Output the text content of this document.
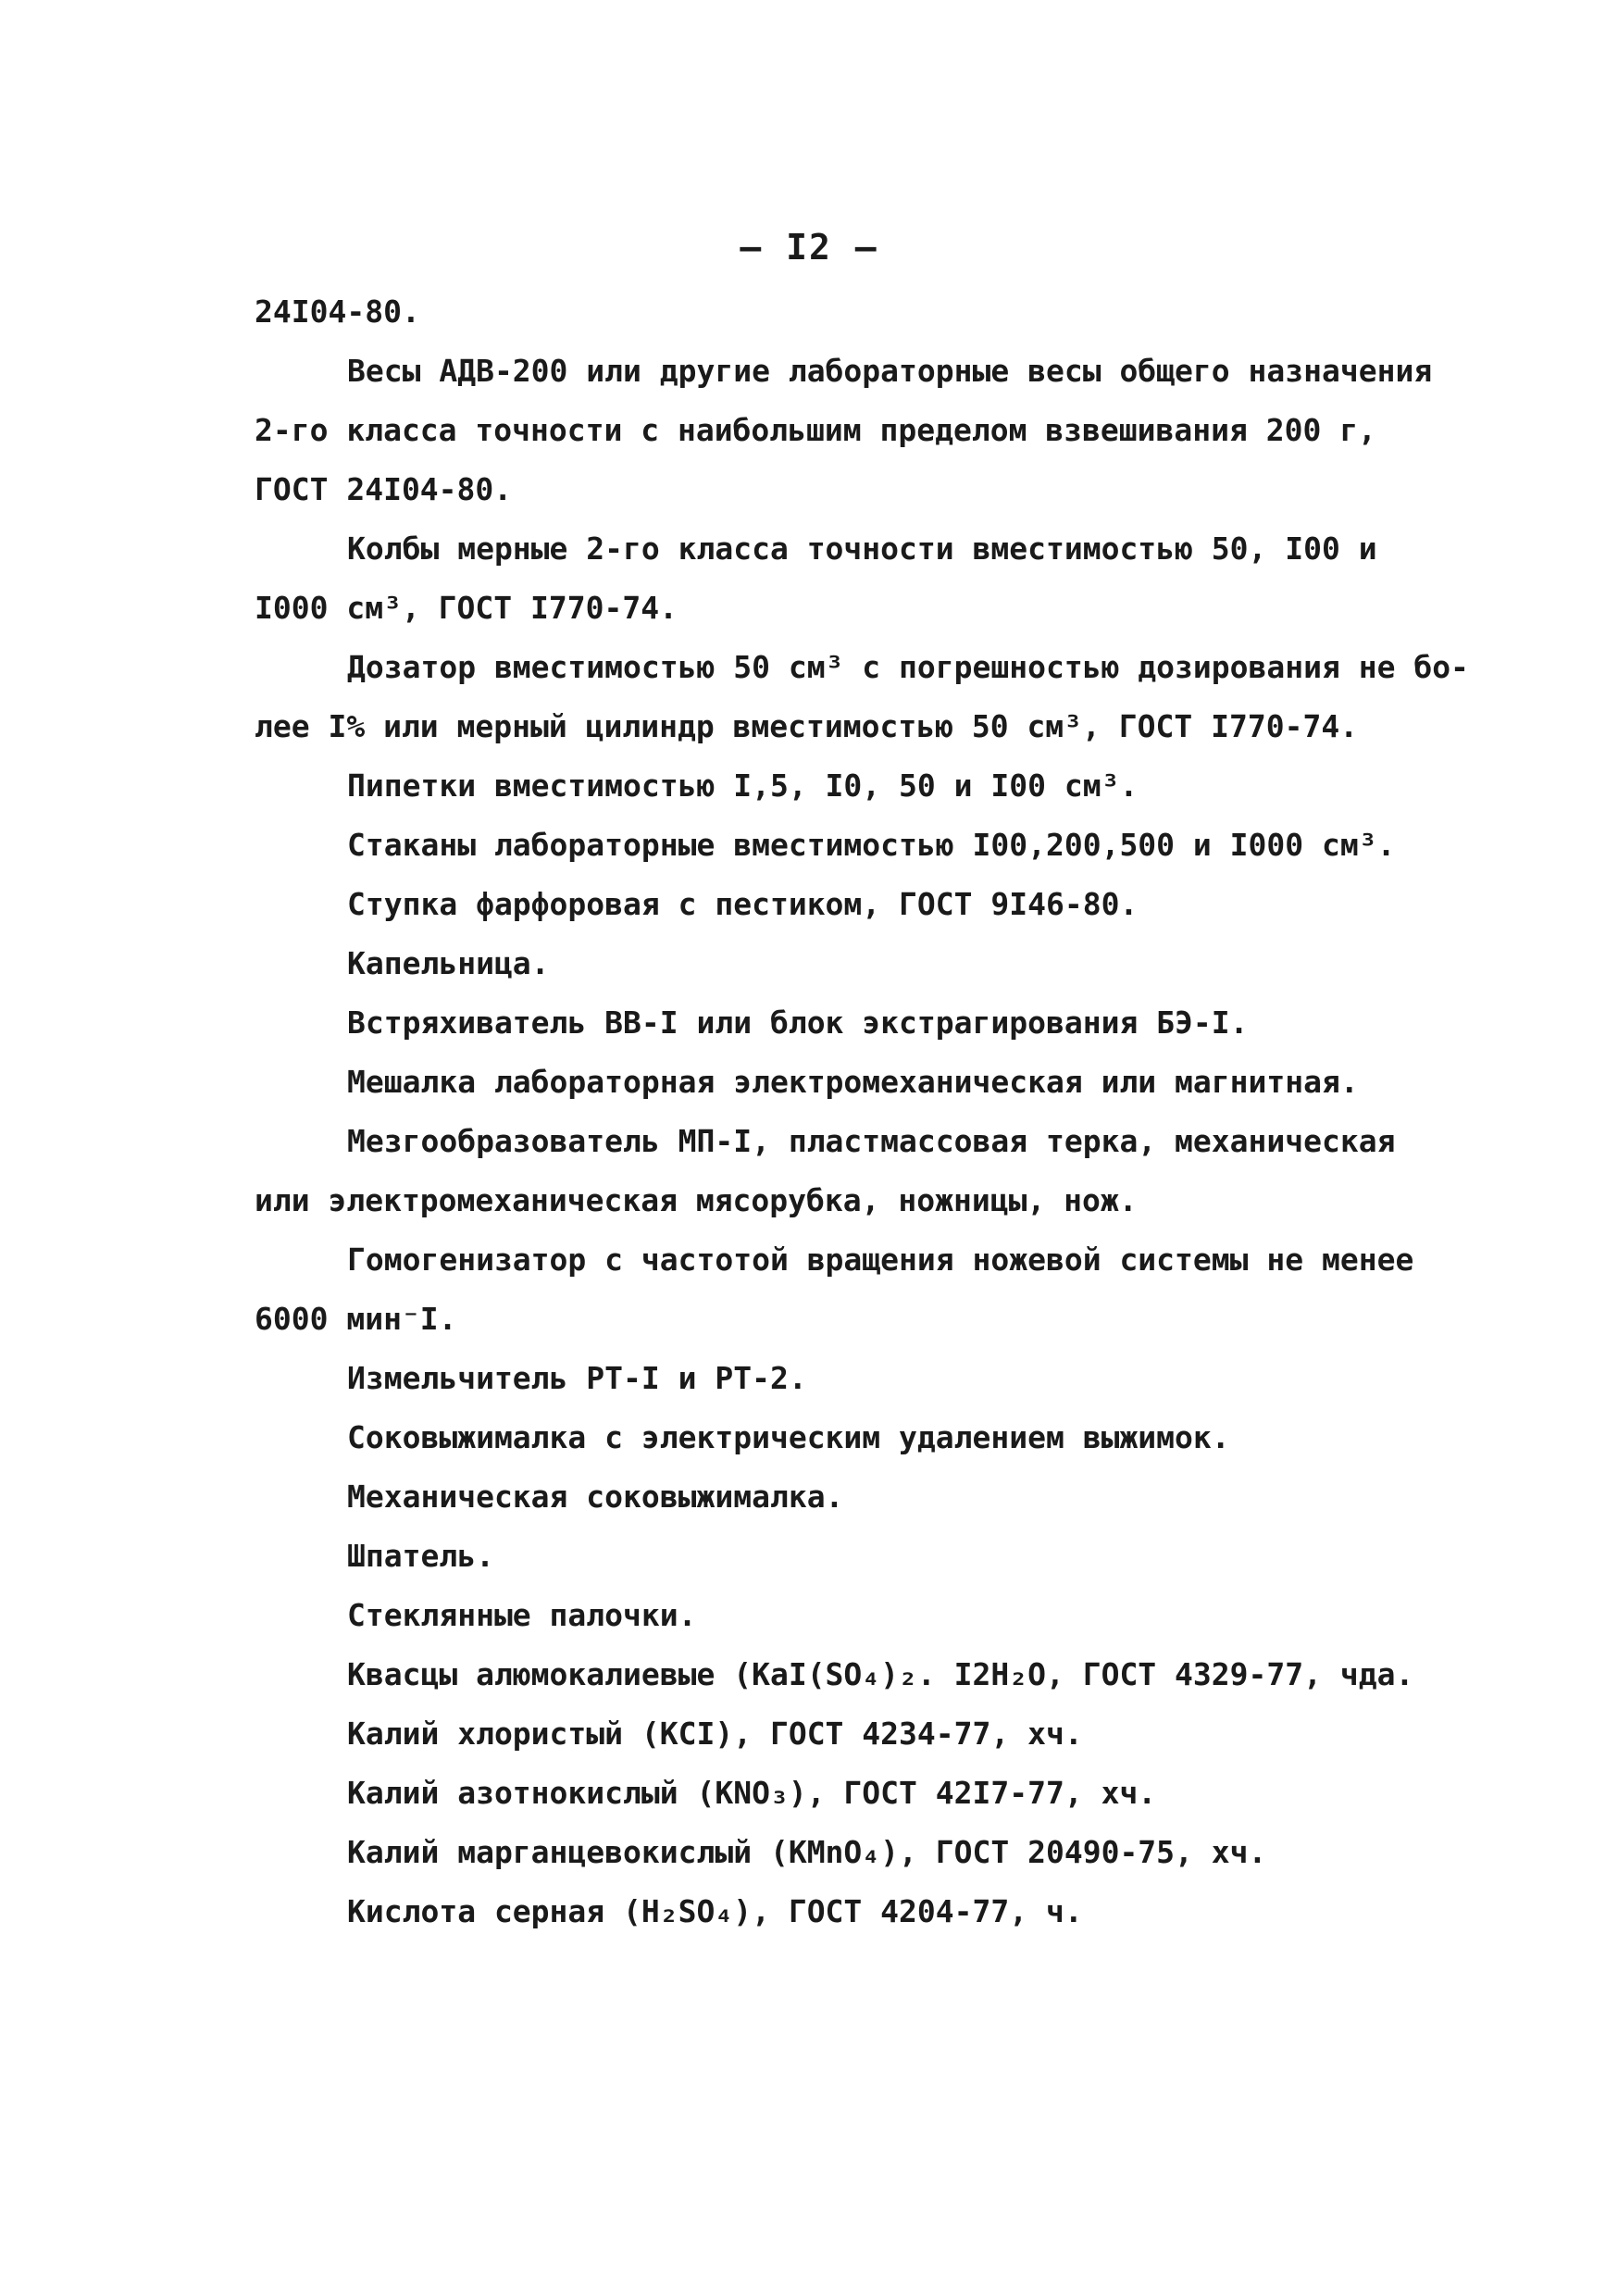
– I2 –

24I04-80.

Весы АДВ-200 или другие лабораторные весы общего назначения

2-го класса точности с наибольшим пределом взвешивания 200 г,

ГОСТ 24I04-80.

Колбы мерные 2-го класса точности вместимостью 50, I00 и

I000 см³, ГОСТ I770-74.

Дозатор вместимостью 50 см³ с погрешностью дозирования не бо-

лее I% или мерный цилиндр вместимостью 50 см³, ГОСТ I770-74.

Пипетки вместимостью I,5, I0, 50 и I00 см³.

Стаканы лабораторные вместимостью I00,200,500 и I000 см³.

Ступка фарфоровая с пестиком, ГОСТ 9I46-80.

Капельница.

Встряхиватель ВВ-I или блок экстрагирования БЭ-I.

Мешалка лабораторная электромеханическая или магнитная.

Мезгообразователь МП-I, пластмассовая терка, механическая

или электромеханическая мясорубка, ножницы, нож.

Гомогенизатор с частотой вращения ножевой системы не менее

6000 мин⁻I.

Измельчитель РТ-I и РТ-2.

Соковыжималка с электрическим удалением выжимок.

Механическая соковыжималка.

Шпатель.

Стеклянные палочки.

Квасцы алюмокалиевые (KaI(SO₄)₂. I2H₂O, ГОСТ 4329-77, чда.

Калий хлористый (KCI), ГОСТ 4234-77, хч.

Калий азотнокислый (KNO₃), ГОСТ 42I7-77, хч.

Калий марганцевокислый (KMnO₄), ГОСТ 20490-75, хч.

Кислота серная (H₂SO₄), ГОСТ 4204-77, ч.
